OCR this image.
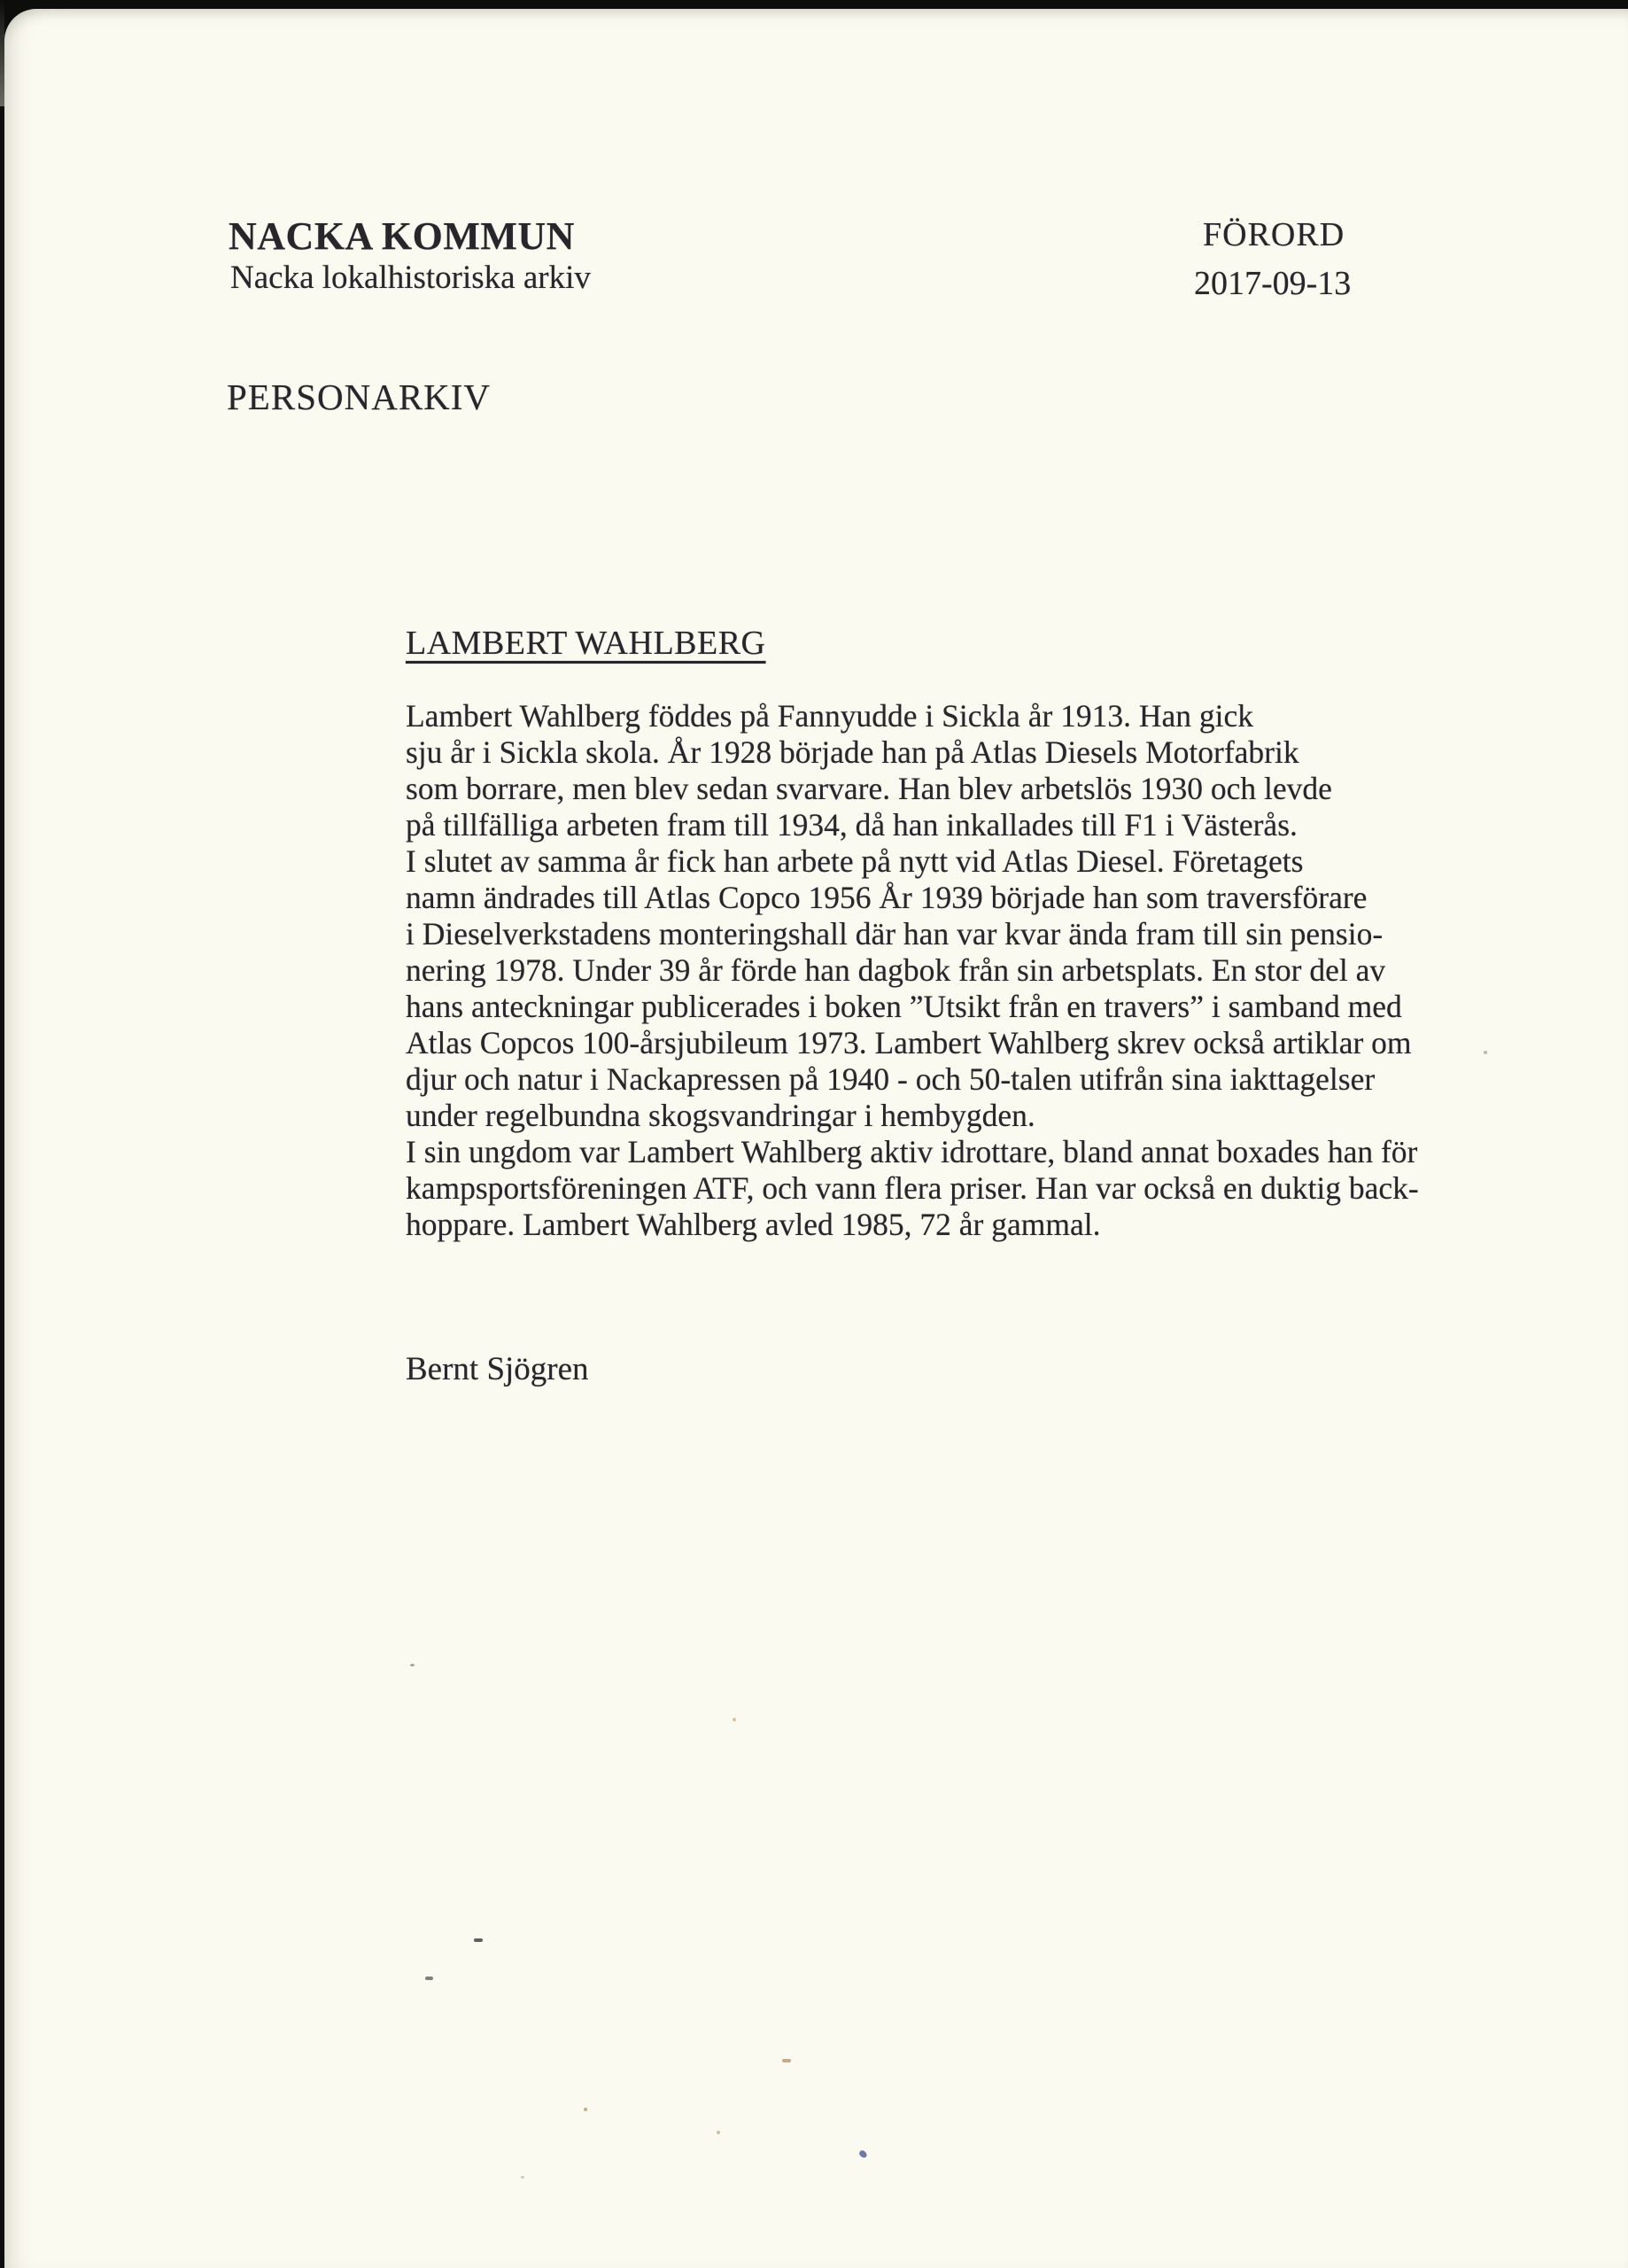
NACKA KOMMUN
Nacka lokalhistoriska arkiv
FÖRORD
2017-09-13
PERSONARKIV
LAMBERT WAHLBERG
Lambert Wahlberg föddes på Fannyudde i Sickla år 1913. Han gick
sju år i Sickla skola. År 1928 började han på Atlas Diesels Motorfabrik
som borrare, men blev sedan svarvare. Han blev arbetslös 1930 och levde
på tillfälliga arbeten fram till 1934, då han inkallades till F1 i Västerås.
I slutet av samma år fick han arbete på nytt vid Atlas Diesel. Företagets
namn ändrades till Atlas Copco 1956 År 1939 började han som traversförare
i Dieselverkstadens monteringshall där han var kvar ända fram till sin pensio-
nering 1978. Under 39 år förde han dagbok från sin arbetsplats. En stor del av
hans anteckningar publicerades i boken ”Utsikt från en travers” i samband med
Atlas Copcos 100-årsjubileum 1973. Lambert Wahlberg skrev också artiklar om
djur och natur i Nackapressen på 1940 - och 50-talen utifrån sina iakttagelser
under regelbundna skogsvandringar i hembygden.
I sin ungdom var Lambert Wahlberg aktiv idrottare, bland annat boxades han för
kampsportsföreningen ATF, och vann flera priser. Han var också en duktig back-
hoppare. Lambert Wahlberg avled 1985, 72 år gammal.
Bernt Sjögren
